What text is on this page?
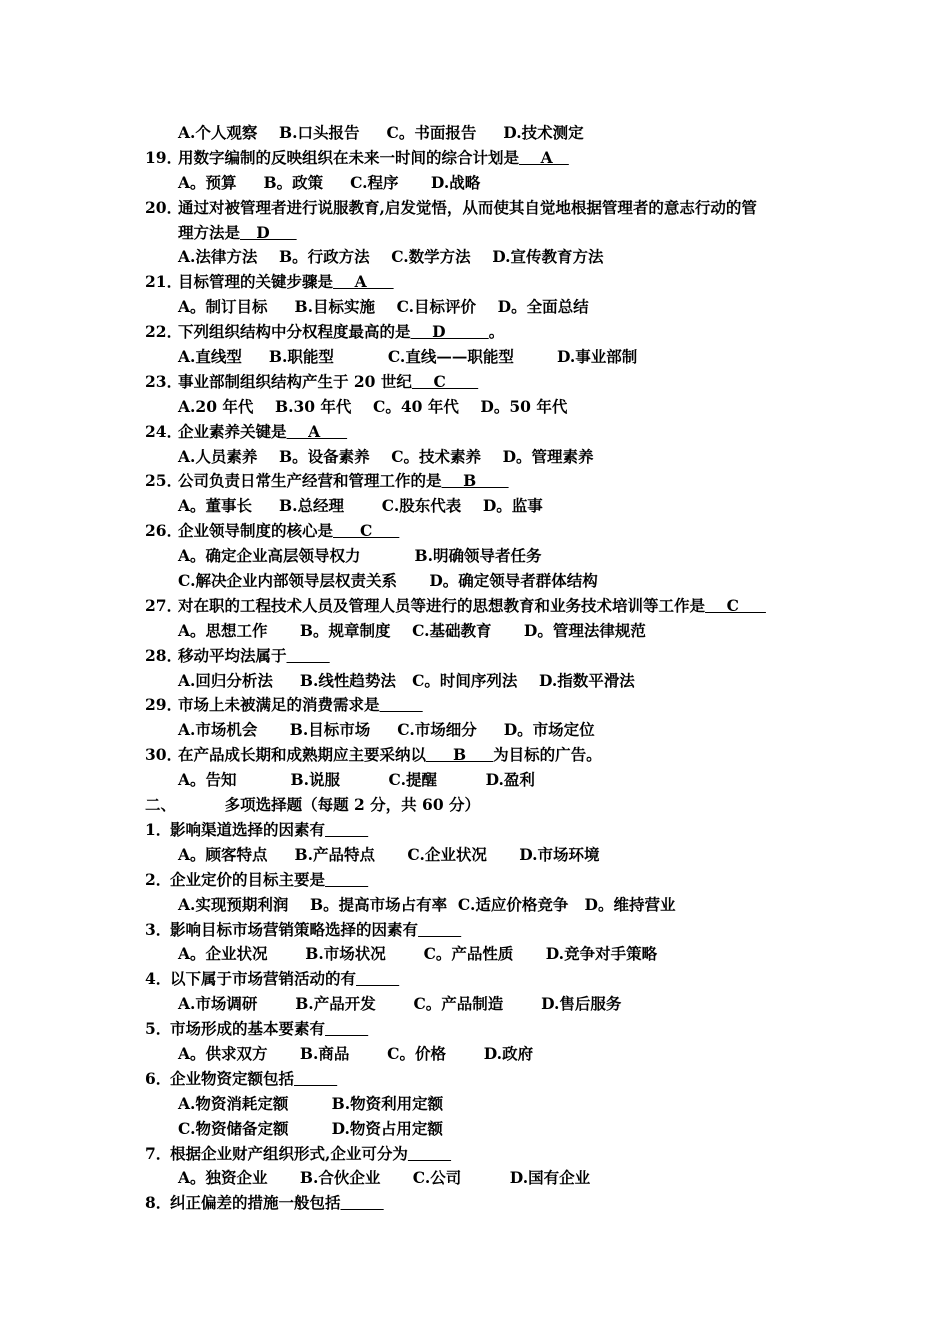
A.个人观察    B.口头报告     C。书面报告     D.技术测定
19．用数字编制的反映组织在未来一时间的综合计划是    A
A。预算     B。政策     C.程序      D.战略
20．通过对被管理者进行说服教育,启发觉悟，从而使其自觉地根据管理者的意志行动的管
理方法是   D
A.法律方法    B。行政方法    C.数学方法    D.宣传教育方法
21．目标管理的关键步骤是    A
A。制订目标     B.目标实施    C.目标评价    D。全面总结
22．下列组织结构中分权程度最高的是    D        。
A.直线型     B.职能型          C.直线——职能型        D.事业部制
23．事业部制组织结构产生于 20 世纪    C
A.20 年代    B.30 年代    C。40 年代    D。50 年代
24．企业素养关键是    A
A.人员素养    B。设备素养    C。技术素养    D。管理素养
25．公司负责日常生产经营和管理工作的是    B
A。董事长     B.总经理       C.股东代表    D。监事
26．企业领导制度的核心是     C
A。确定企业高层领导权力          B.明确领导者任务
C.解决企业内部领导层权责关系      D。确定领导者群体结构
27．对在职的工程技术人员及管理人员等进行的思想教育和业务技术培训等工作是    C
A。思想工作      B。规章制度    C.基础教育      D。管理法律规范
28．移动平均法属于
A.回归分析法     B.线性趋势法   C。时间序列法    D.指数平滑法
29．市场上未被满足的消费需求是
A.市场机会      B.目标市场     C.市场细分     D。市场定位
30．在产品成长期和成熟期应主要采纳以     B     为目标的广告。
A。告知          B.说服         C.提醒         D.盈利
二、         多项选择题（每题 2 分，共 60 分）
1．影响渠道选择的因素有
A。顾客特点     B.产品特点      C.企业状况      D.市场环境
2．企业定价的目标主要是
A.实现预期利润    B。提高市场占有率  C.适应价格竞争   D。维持营业
3．影响目标市场营销策略选择的因素有
A。企业状况       B.市场状况       C。产品性质      D.竞争对手策略
4．以下属于市场营销活动的有
A.市场调研       B.产品开发       C。产品制造       D.售后服务
5．市场形成的基本要素有
A。供求双方      B.商品       C。价格       D.政府
6．企业物资定额包括
A.物资消耗定额        B.物资利用定额
C.物资储备定额        D.物资占用定额
7．根据企业财产组织形式,企业可分为
A。独资企业      B.合伙企业      C.公司         D.国有企业
8．纠正偏差的措施一般包括
